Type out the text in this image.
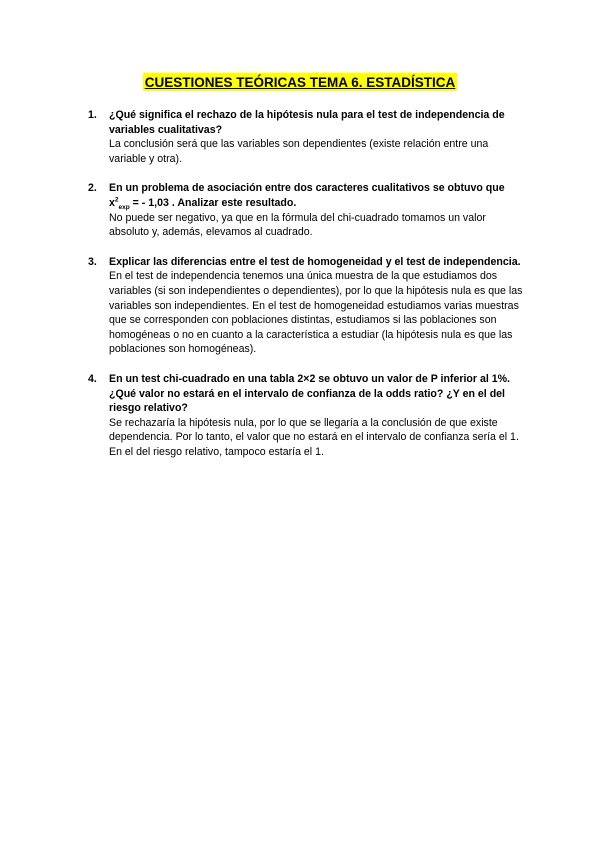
CUESTIONES TEÓRICAS TEMA 6. ESTADÍSTICA
1. ¿Qué significa el rechazo de la hipótesis nula para el test de independencia de variables cualitativas?
La conclusión será que las variables son dependientes (existe relación entre una variable y otra).
2. En un problema de asociación entre dos caracteres cualitativos se obtuvo que $x^2_{exp}$ = - 1,03 . Analizar este resultado.
No puede ser negativo, ya que en la fórmula del chi-cuadrado tomamos un valor absoluto y, además, elevamos al cuadrado.
3. Explicar las diferencias entre el test de homogeneidad y el test de independencia.
En el test de independencia tenemos una única muestra de la que estudiamos dos variables (si son independientes o dependientes), por lo que la hipótesis nula es que las variables son independientes. En el test de homogeneidad estudiamos varias muestras que se corresponden con poblaciones distintas, estudiamos si las poblaciones son homogéneas o no en cuanto a la característica a estudiar (la hipótesis nula es que las poblaciones son homogéneas).
4. En un test chi-cuadrado en una tabla 2×2 se obtuvo un valor de P inferior al 1%. ¿Qué valor no estará en el intervalo de confianza de la odds ratio? ¿Y en el del riesgo relativo?
Se rechazaría la hipótesis nula, por lo que se llegaría a la conclusión de que existe dependencia. Por lo tanto, el valor que no estará en el intervalo de confianza sería el 1. En el del riesgo relativo, tampoco estaría el 1.
